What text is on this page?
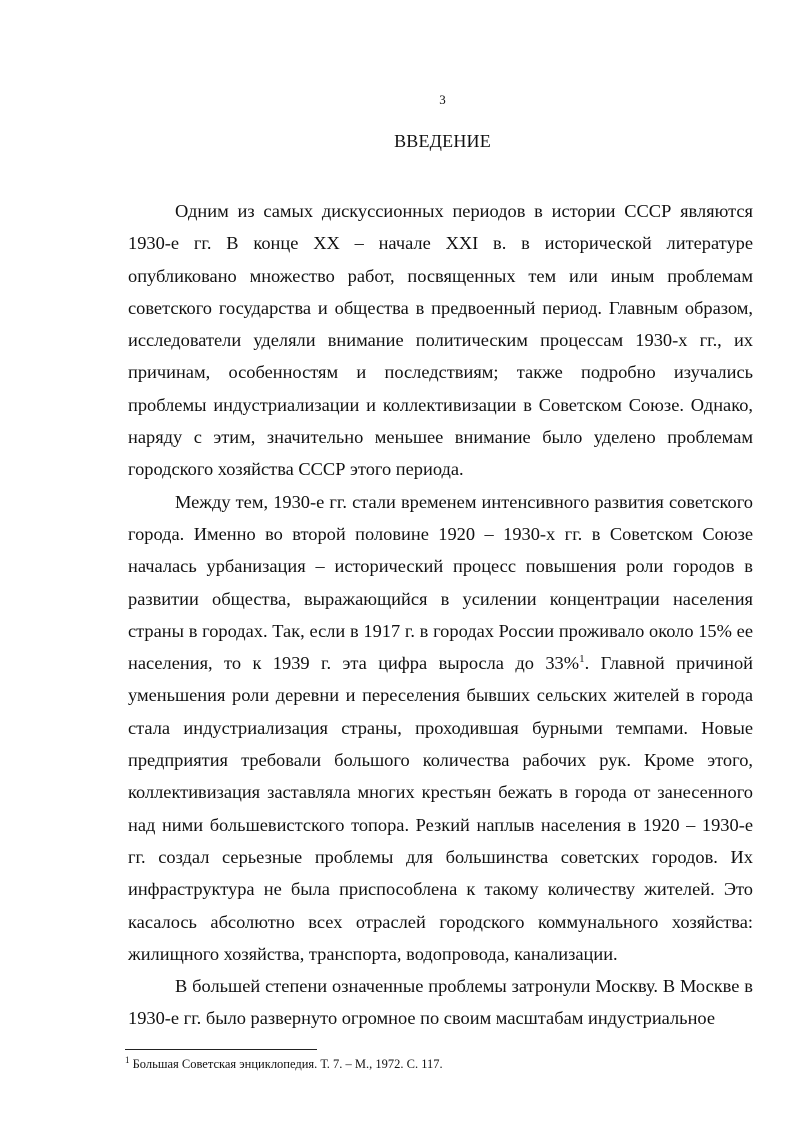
3
ВВЕДЕНИЕ

Одним из самых дискуссионных периодов в истории СССР являются 1930-е гг. В конце XX – начале XXI в. в исторической литературе опубликовано множество работ, посвященных тем или иным проблемам советского государства и общества в предвоенный период. Главным образом, исследователи уделяли внимание политическим процессам 1930-х гг., их причинам, особенностям и последствиям; также подробно изучались проблемы индустриализации и коллективизации в Советском Союзе. Однако, наряду с этим, значительно меньшее внимание было уделено проблемам городского хозяйства СССР этого периода.

Между тем, 1930-е гг. стали временем интенсивного развития советского города. Именно во второй половине 1920 – 1930-х гг. в Советском Союзе началась урбанизация – исторический процесс повышения роли городов в развитии общества, выражающийся в усилении концентрации населения страны в городах. Так, если в 1917 г. в городах России проживало около 15% ее населения, то к 1939 г. эта цифра выросла до 33%$^1$. Главной причиной уменьшения роли деревни и переселения бывших сельских жителей в города стала индустриализация страны, проходившая бурными темпами. Новые предприятия требовали большого количества рабочих рук. Кроме этого, коллективизация заставляла многих крестьян бежать в города от занесенного над ними большевистского топора. Резкий наплыв населения в 1920 – 1930-е гг. создал серьезные проблемы для большинства советских городов. Их инфраструктура не была приспособлена к такому количеству жителей. Это касалось абсолютно всех отраслей городского коммунального хозяйства: жилищного хозяйства, транспорта, водопровода, канализации.

В большей степени означенные проблемы затронули Москву. В Москве в 1930-е гг. было развернуто огромное по своим масштабам индустриальное

$^1$ Большая Советская энциклопедия. Т. 7. – М., 1972. С. 117.
